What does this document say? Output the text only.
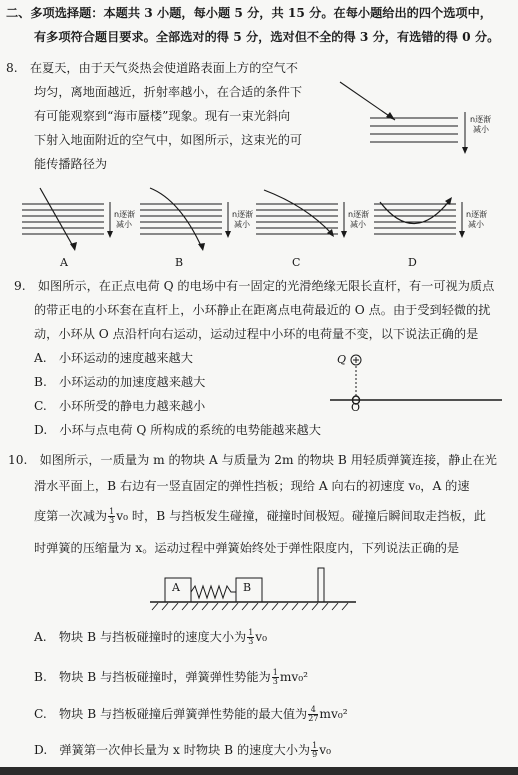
二、多项选择题：本题共 3 小题，每小题 5 分，共 15 分。在每小题给出的四个选项中，
有多项符合题目要求。全部选对的得 5 分，选对但不全的得 3 分，有选错的得 0 分。
8.　在夏天，由于天气炎热会使道路表面上方的空气不
均匀，离地面越近，折射率越小，在合适的条件下
有可能观察到“海市蜃楼”现象。现有一束光斜向
下射入地面附近的空气中，如图所示，这束光的可
能传播路径为
n逐渐
减小
n逐渐
减小
A
n逐渐
减小
B
n逐渐
减小
C
n逐渐
减小
D
9.　如图所示，在正点电荷 Q 的电场中有一固定的光滑绝缘无限长直杆，有一可视为质点
的带正电的小环套在直杆上，小环静止在距离点电荷最近的 O 点。由于受到轻微的扰
动，小环从 O 点沿杆向右运动，运动过程中小环的电荷量不变，以下说法正确的是
A.　小环运动的速度越来越大
B.　小环运动的加速度越来越大
C.　小环所受的静电力越来越小
D.　小环与点电荷 Q 所构成的系统的电势能越来越大
Q
O
10.　如图所示，一质量为 m 的物块 A 与质量为 2m 的物块 B 用轻质弹簧连接，静止在光
滑水平面上，B 右边有一竖直固定的弹性挡板；现给 A 向右的初速度 v₀，A 的速
度第一次减为 $\frac{1}{3} v_0$ 时，B 与挡板发生碰撞，碰撞时间极短。碰撞后瞬间取走挡板，此
时弹簧的压缩量为 x。运动过程中弹簧始终处于弹性限度内，下列说法正确的是
A	B
A.　物块 B 与挡板碰撞时的速度大小为 $\frac{1}{3} v_0$
B.　物块 B 与挡板碰撞时，弹簧弹性势能为 $\frac{1}{3} mv_0^2$
C.　物块 B 与挡板碰撞后弹簧弹性势能的最大值为 $\frac{4}{27} mv_0^2$
D.　弹簧第一次伸长量为 x 时物块 B 的速度大小为 $\frac{1}{9} v_0$
